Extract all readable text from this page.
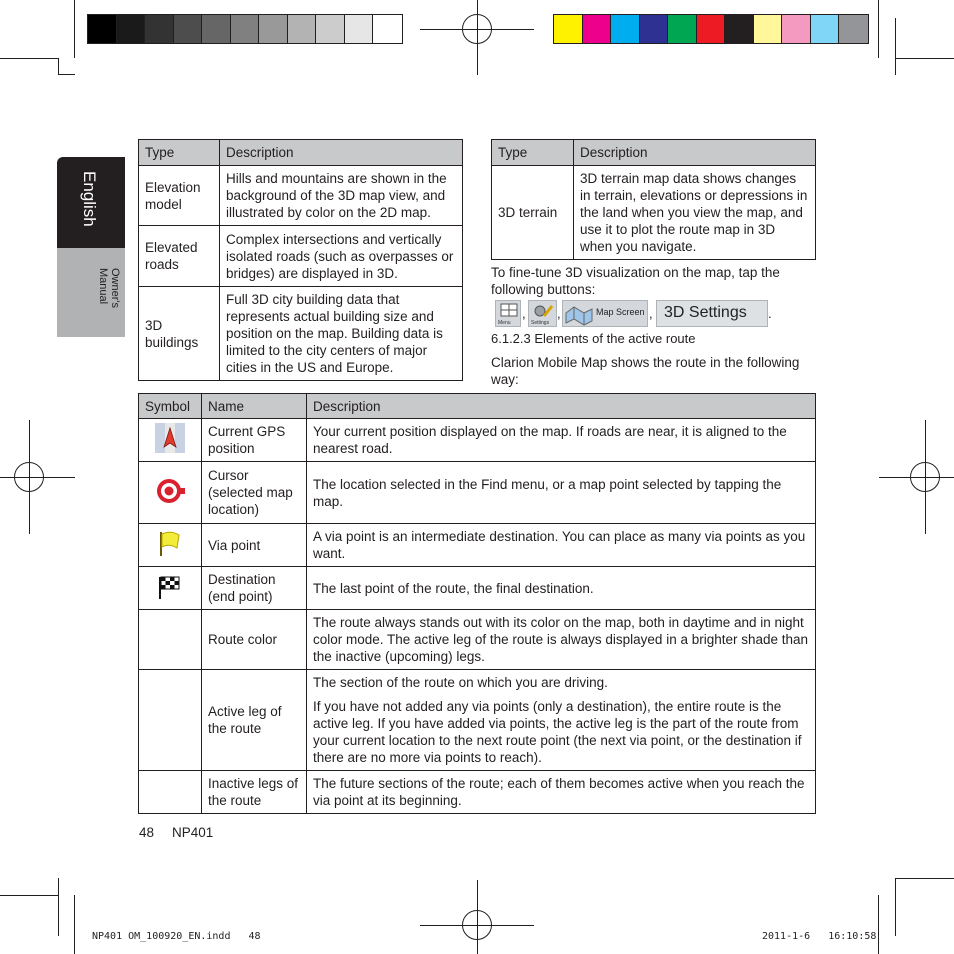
English
Owner's Manual
Type	Description
Elevation model	Hills and mountains are shown in the background of the 3D map view, and illustrated by color on the 2D map.
Elevated roads	Complex intersections and vertically isolated roads (such as overpasses or bridges) are displayed in 3D.
3D buildings	Full 3D city building data that represents actual building size and position on the map. Building data is limited to the city centers of major cities in the US and Europe.
Type	Description
3D terrain	3D terrain map data shows changes in terrain, elevations or depressions in the land when you view the map, and use it to plot the route map in 3D when you navigate.
To fine-tune 3D visualization on the map, tap the following buttons:
Menu
,
Settings
,	Map Screen , 3D Settings .
6.1.2.3 Elements of the active route
Clarion Mobile Map shows the route in the following way:
Symbol	Name	Description
	Current GPS position	Your current position displayed on the map. If roads are near, it is aligned to the nearest road.
	Cursor (selected map location)	The location selected in the Find menu, or a map point selected by tapping the map.
	Via point	A via point is an intermediate destination. You can place as many via points as you want.
	Destination (end point)	The last point of the route, the final destination.
	Route color	The route always stands out with its color on the map, both in daytime and in night color mode. The active leg of the route is always displayed in a brighter shade than the inactive (upcoming) legs.
	Active leg of the route	The section of the route on which you are driving.
If you have not added any via points (only a destination), the entire route is the active leg. If you have added via points, the active leg is the part of the route from your current location to the next route point (the next via point, or the destination if there are no more via points to reach).

	Inactive legs of the route	The future sections of the route; each of them becomes active when you reach the via point at its beginning.
48 NP401
NP401 OM_100920_EN.indd   48	2011-1-6   16:10:58
